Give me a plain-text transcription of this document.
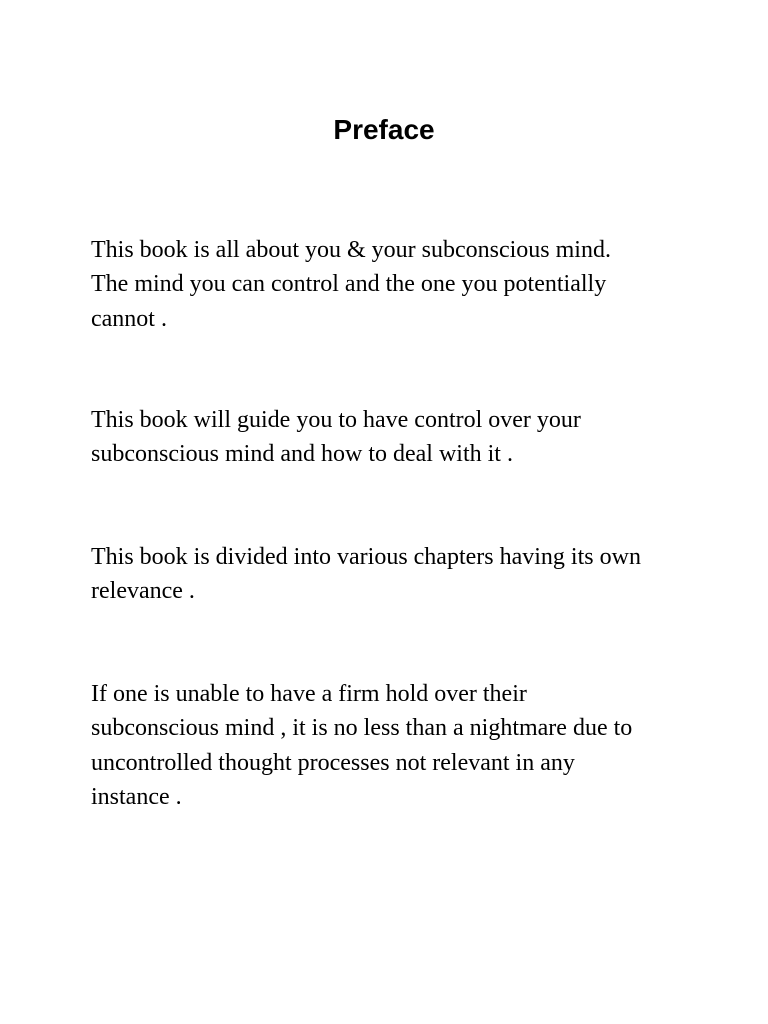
Preface

This book is all about you & your subconscious mind.
The mind you can control and the one you potentially
cannot .

This book will guide you to have control over your
subconscious mind and how to deal with it .

This book is divided into various chapters having its own
relevance .

If one is unable to have a firm hold over their
subconscious mind , it is no less than a nightmare due to
uncontrolled thought processes not relevant in any
instance .
